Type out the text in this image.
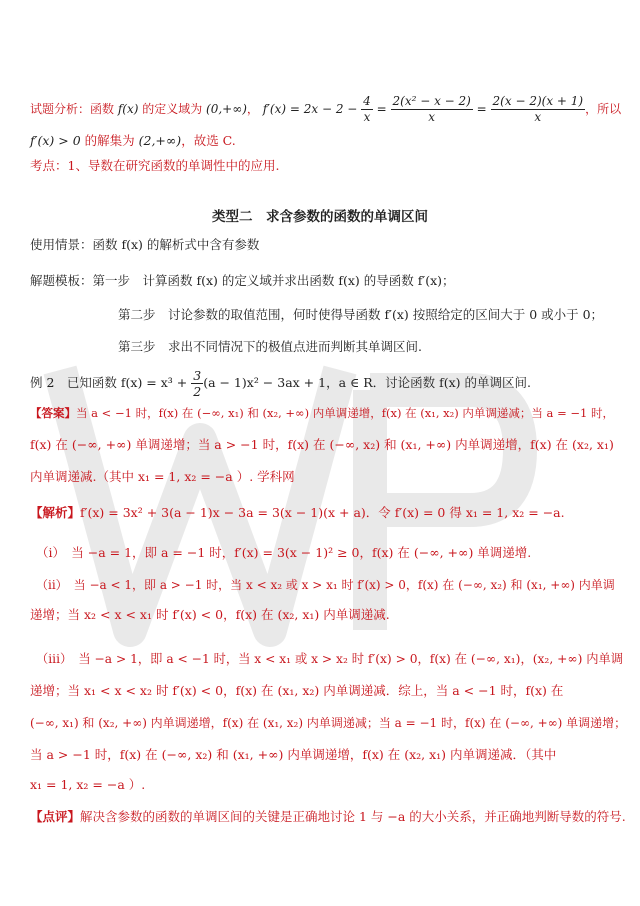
试题分析：函数 f(x) 的定义域为 (0,+∞)， $f'(x) = 2x - 2 - \frac{4}{x} = \frac{\text{2(x² − x − 2)}}{x} = \frac{2(x - 2)(x + 1)}{x}$ ，所以
f′(x) > 0 的解集为 (2,+∞)，故选 C.
考点：1、导数在研究函数的单调性中的应用.
类型二　求含参数的函数的单调区间
使用情景：函数 f(x) 的解析式中含有参数
解题模板：第一步　计算函数 f(x) 的定义域并求出函数 f(x) 的导函数 f′(x)；
第二步　讨论参数的取值范围，何时使得导函数 f′(x) 按照给定的区间大于 0 或小于 0；
第三步　求出不同情况下的极值点进而判断其单调区间.
例 2　已知函数 $f(x) = x^3 + \frac{3}{2} (a - 1)x^2 - 3ax + 1$，a ∈ R．讨论函数 f(x) 的单调区间.
【答案】当 a < −1 时，f(x) 在 (−∞, x₁) 和 (x₂, +∞) 内单调递增，f(x) 在 (x₁, x₂) 内单调递减；当 a = −1 时，
f(x) 在 (−∞, +∞) 单调递增；当 a > −1 时，f(x) 在 (−∞, x₂) 和 (x₁, +∞) 内单调递增，f(x) 在 (x₂, x₁)
内单调递减.（其中 x₁ = 1, x₂ = −a ）. 学科网
【解析】f′(x) = 3x² + 3(a − 1)x − 3a = 3(x − 1)(x + a)．令 f′(x) = 0 得 x₁ = 1, x₂ = −a.
（i）　当 −a = 1，即 a = −1 时，f′(x) = 3(x − 1)² ≥ 0，f(x) 在 (−∞, +∞) 单调递增.
（ii）　当 −a < 1，即 a > −1 时，当 x < x₂ 或 x > x₁ 时 f′(x) > 0，f(x) 在 (−∞, x₂) 和 (x₁, +∞) 内单调
递增；当 x₂ < x < x₁ 时 f′(x) < 0，f(x) 在 (x₂, x₁) 内单调递减.
（iii）　当 −a > 1，即 a < −1 时，当 x < x₁ 或 x > x₂ 时 f′(x) > 0，f(x) 在 (−∞, x₁)，(x₂, +∞) 内单调
递增；当 x₁ < x < x₂ 时 f′(x) < 0，f(x) 在 (x₁, x₂) 内单调递减．综上，当 a < −1 时，f(x) 在
(−∞, x₁) 和 (x₂, +∞) 内单调递增，f(x) 在 (x₁, x₂) 内单调递减；当 a = −1 时，f(x) 在 (−∞, +∞) 单调递增；
当 a > −1 时，f(x) 在 (−∞, x₂) 和 (x₁, +∞) 内单调递增，f(x) 在 (x₂, x₁) 内单调递减．（其中
x₁ = 1, x₂ = −a ）.
【点评】解决含参数的函数的单调区间的关键是正确地讨论 1 与 −a 的大小关系，并正确地判断导数的符号.
